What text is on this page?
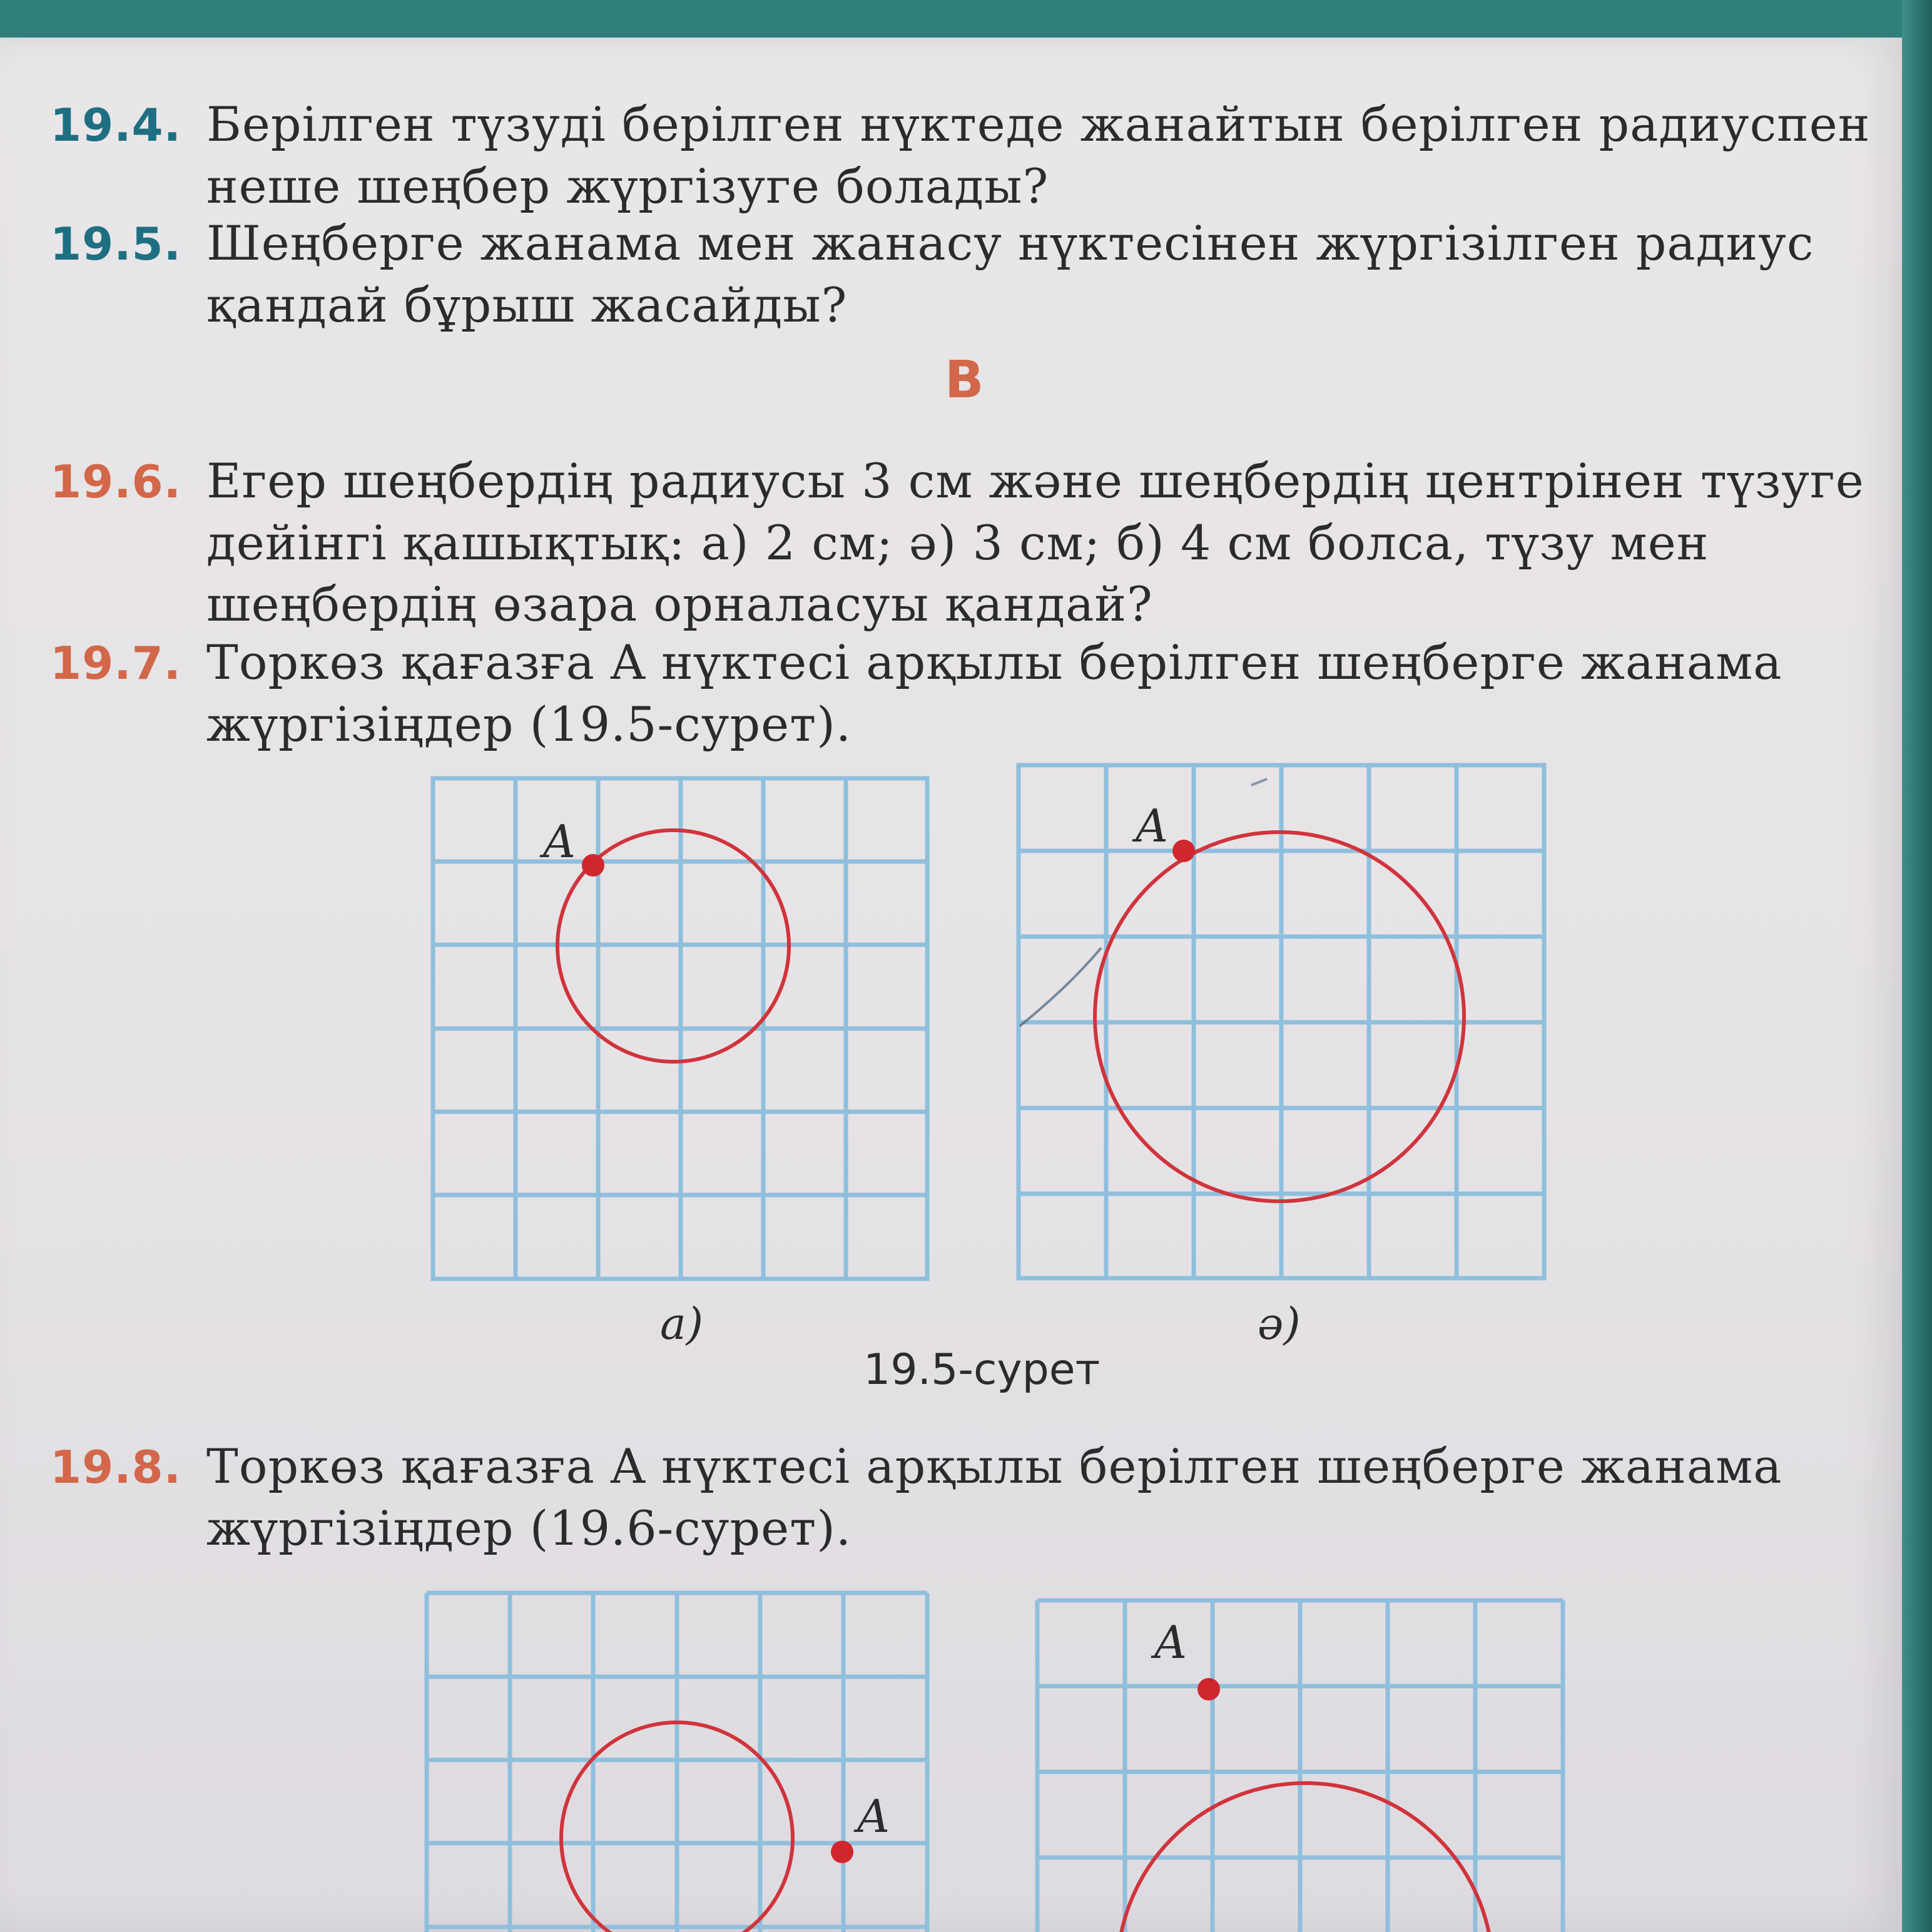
19.4. Берілген түзуді берілген нүктеде жанайтын берілген радиуспен
неше шеңбер жүргізуге болады?
19.5. Шеңберге жанама мен жанасу нүктесінен жүргізілген радиус
қандай бұрыш жасайды?
B
19.6. Егер шеңбердің радиусы 3 см және шеңбердің центрінен түзуге
дейінгі қашықтық: а) 2 см; ә) 3 см; б) 4 см болса, түзу мен
шеңбердің өзара орналасуы қандай?
19.7. Торкөз қағазға A нүктесі арқылы берілген шеңберге жанама
жүргізіңдер (19.5-сурет).
A
а)
A
ә)
19.5-сурет
19.8. Торкөз қағазға A нүктесі арқылы берілген шеңберге жанама
жүргізіңдер (19.6-сурет).
A
A
